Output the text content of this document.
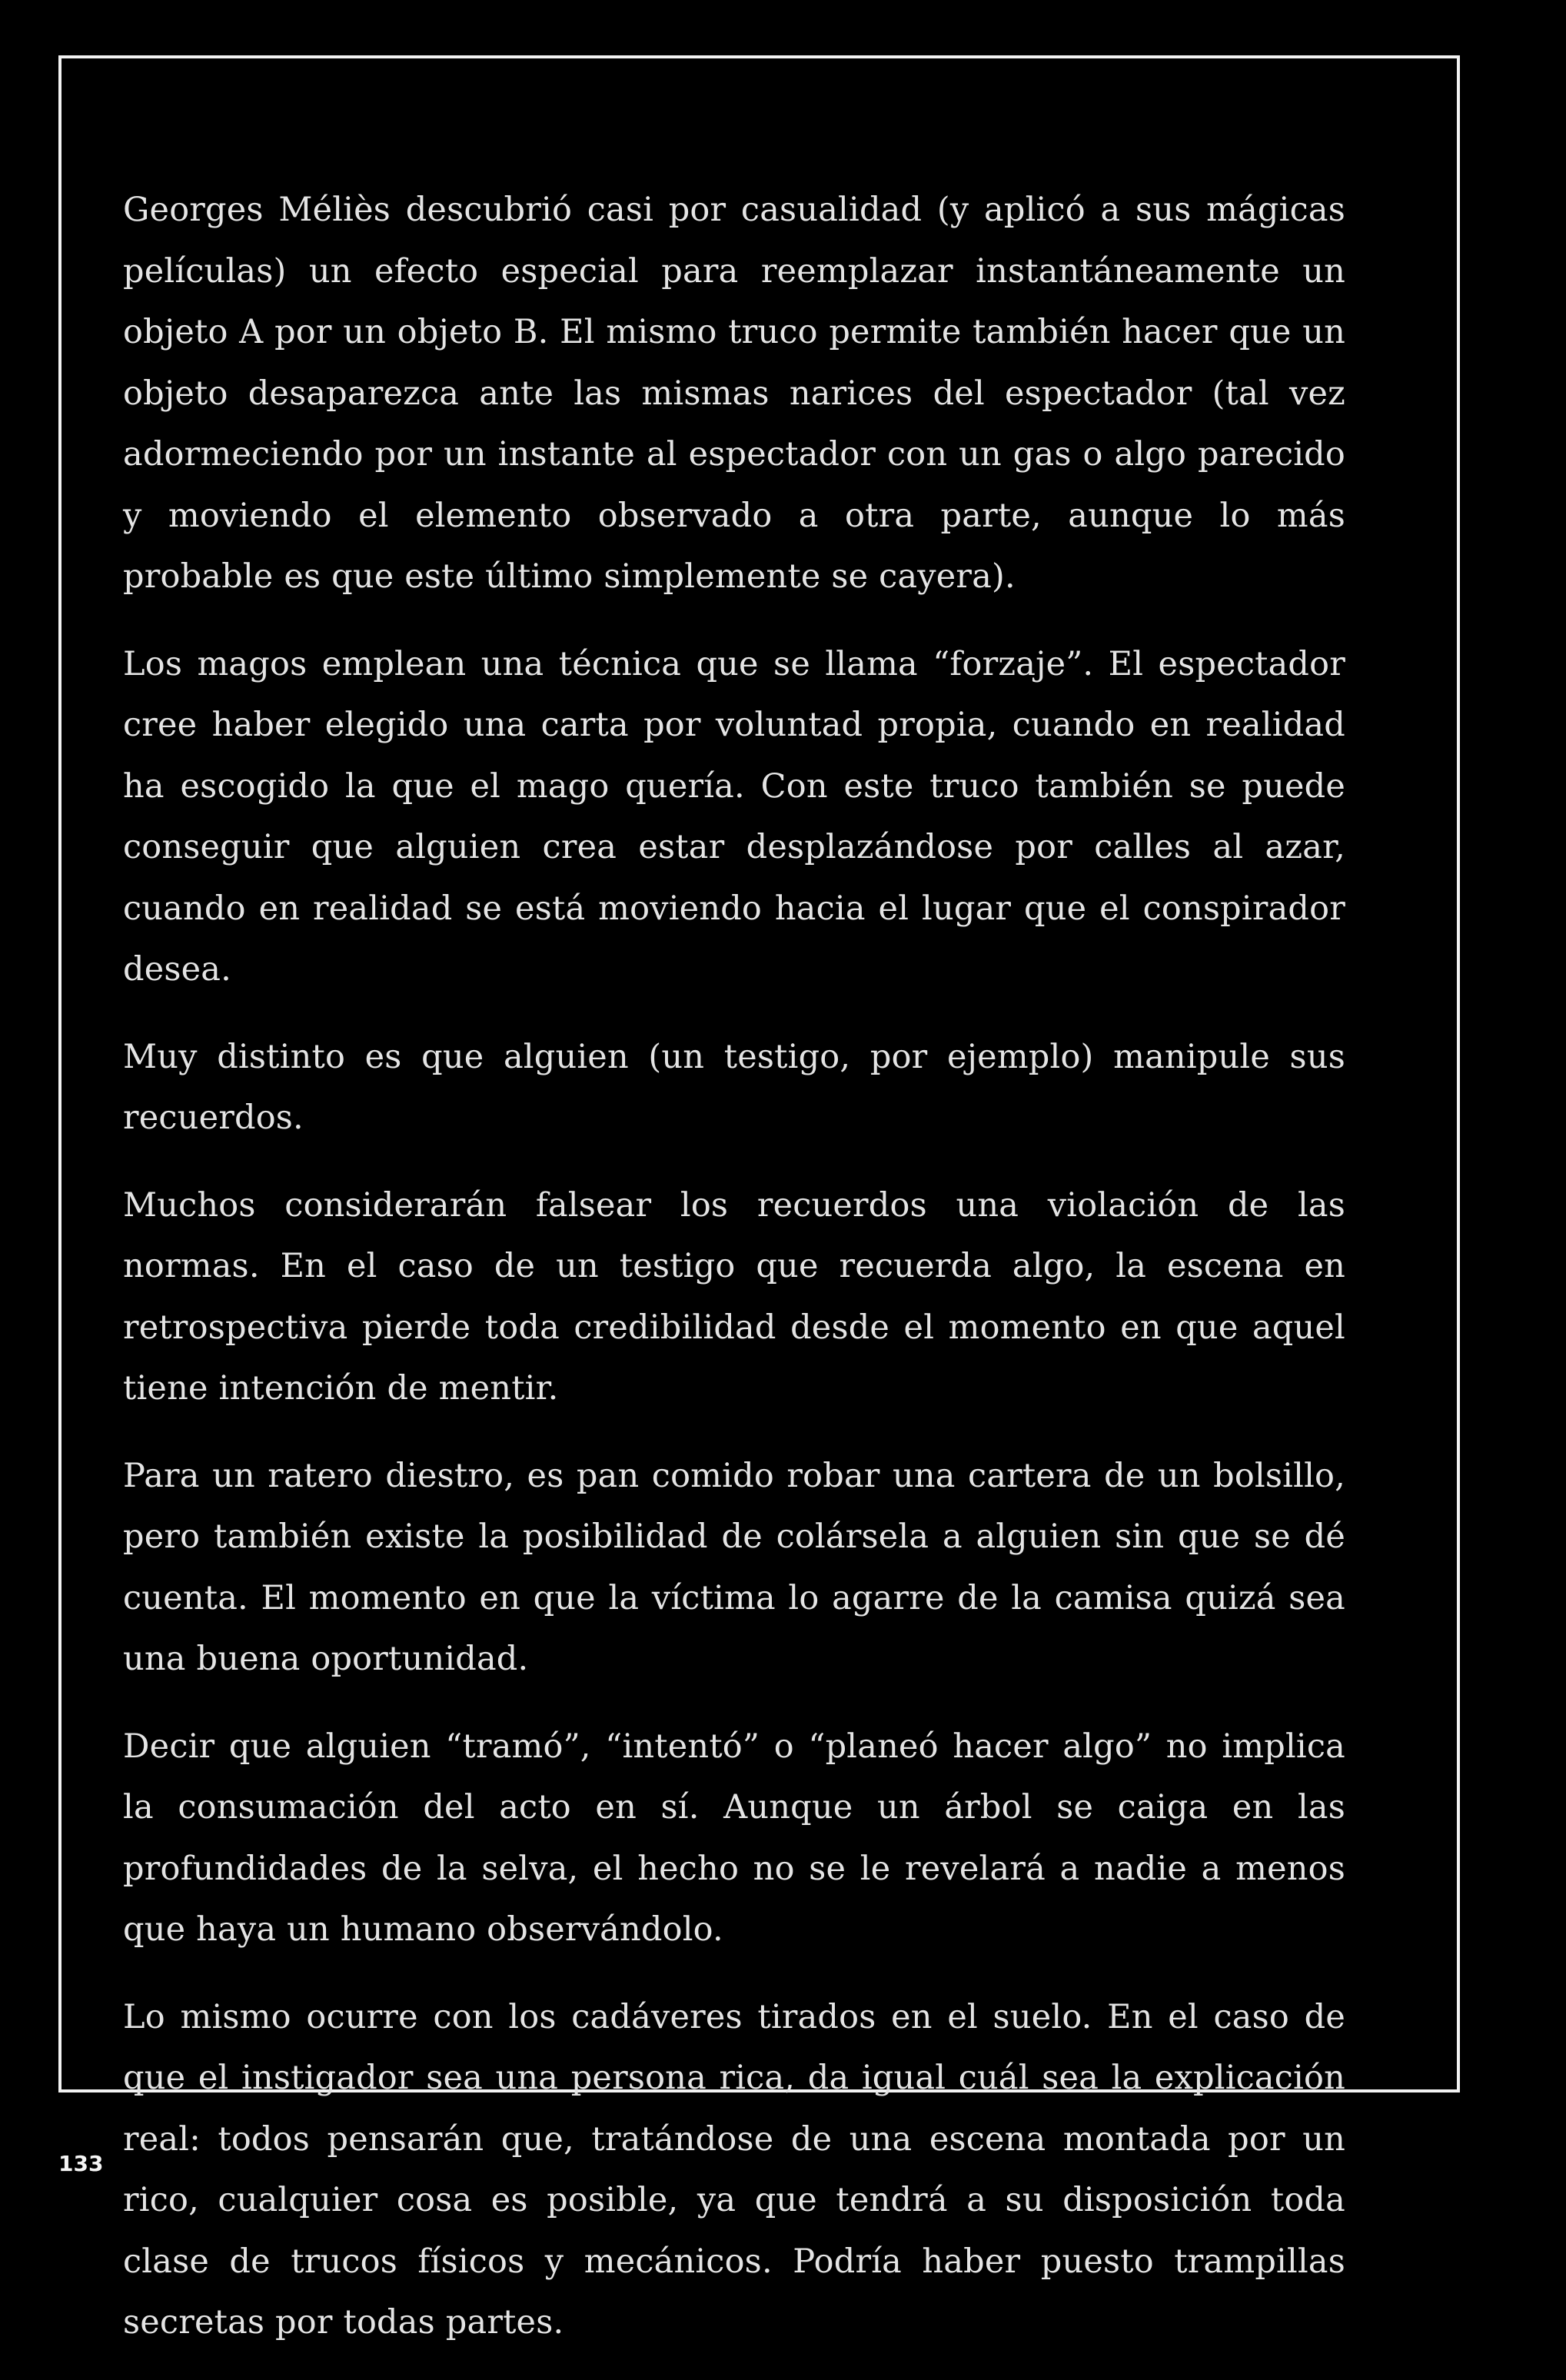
Georges Méliès descubrió casi por casualidad (y aplicó a sus mágicas películas) un efecto especial para reemplazar instantáneamente un objeto A por un objeto B. El mismo truco permite también hacer que un objeto desaparezca ante las mismas narices del espectador (tal vez adormeciendo por un instante al espectador con un gas o algo parecido y moviendo el elemento observado a otra parte, aunque lo más probable es que este último simplemente se cayera).

Los magos emplean una técnica que se llama “forzaje”. El espectador cree haber elegido una carta por voluntad propia, cuando en realidad ha escogido la que el mago quería. Con este truco también se puede conseguir que alguien crea estar desplazándose por calles al azar, cuando en realidad se está moviendo hacia el lugar que el conspirador desea.

Muy distinto es que alguien (un testigo, por ejemplo) manipule sus recuerdos.

Muchos considerarán falsear los recuerdos una violación de las normas. En el caso de un testigo que recuerda algo, la escena en retrospectiva pierde toda credibilidad desde el momento en que aquel tiene intención de mentir.

Para un ratero diestro, es pan comido robar una cartera de un bolsillo, pero también existe la posibilidad de colársela a alguien sin que se dé cuenta. El momento en que la víctima lo agarre de la camisa quizá sea una buena oportunidad.

Decir que alguien “tramó”, “intentó” o “planeó hacer algo” no implica la consumación del acto en sí. Aunque un árbol se caiga en las profundidades de la selva, el hecho no se le revelará a nadie a menos que haya un humano observándolo.

Lo mismo ocurre con los cadáveres tirados en el suelo. En el caso de que el instigador sea una persona rica, da igual cuál sea la explicación real: todos pensarán que, tratándose de una escena montada por un rico, cualquier cosa es posible, ya que tendrá a su disposición toda clase de trucos físicos y mecánicos. Podría haber puesto trampillas secretas por todas partes.

133
